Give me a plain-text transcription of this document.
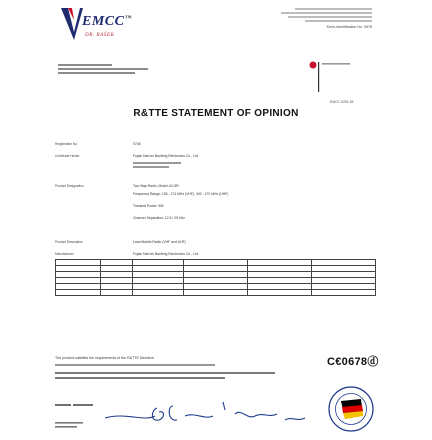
EMCC™
DR. RAŠEK
Kenn-Identifikation No. 0678
EMCC-0251-56
R&TTE STATEMENT OF OPINION
Registration No.	0708
Certificate Holder	Fujian Nan'an Baofeng Electronics Co., Ltd.
Product Designation	Two Way Radio, Model UV-5R
Frequency Range: 136 - 174 MHz (VHF), 400 - 470 MHz (UHF)
Transmit Power: 5W
Channel Separation: 12.5 / 25 kHz
Product Description	Land Mobile Radio (VHF and UHF)
Manufacturer	Fujian Nan'an Baofeng Electronics Co., Ltd.

The product satisfies the requirements of the R&TTE Directive	C€0678ⓓ
